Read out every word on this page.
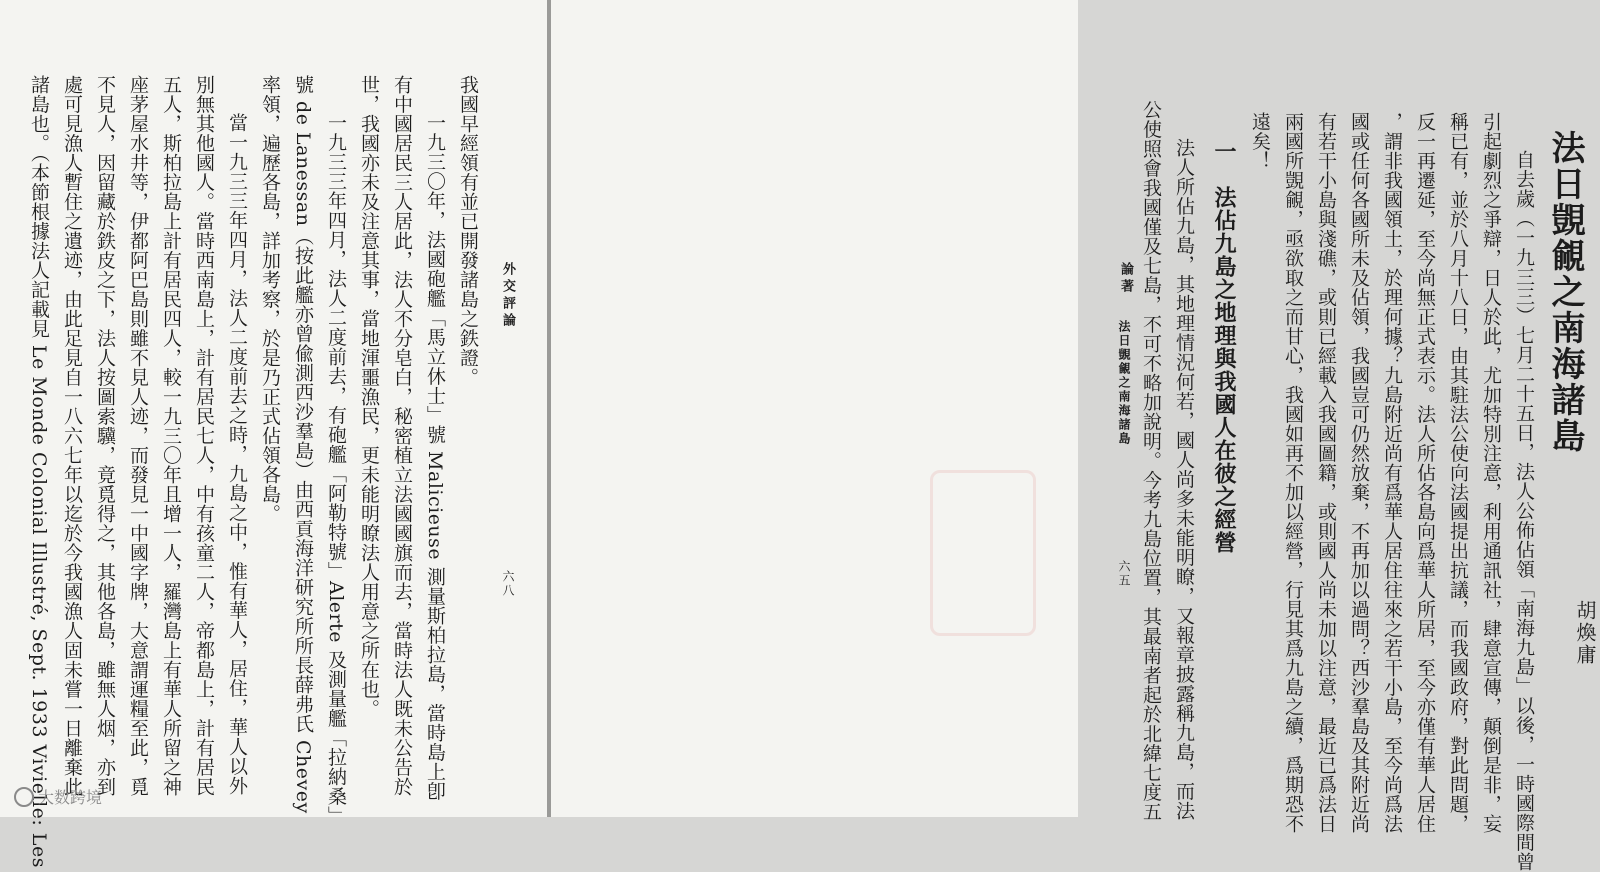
外交評論
六八
我國早經領有並已開發諸島之鉄證。
一九三〇年，法國砲艦「馬立休士」號 Malicieuse 測量斯柏拉島，當時島上卽
有中國居民三人居此，法人不分皂白，秘密植立法國國旗而去，當時法人既未公告於
世，我國亦未及注意其事，當地渾噩漁民，更未能明瞭法人用意之所在也。
一九三三年四月，法人二度前去，有砲艦「阿勒特號」Alerte 及測量艦「拉納桑」
號 de Lanessan（按此艦亦曾偸測西沙羣島）由西貢海洋研究所所長薛弗氏 Chevey
率領，遍歷各島，詳加考察，於是乃正式佔領各島。
當一九三三年四月，法人二度前去之時，九島之中，惟有華人，居住，華人以外
別無其他國人。當時西南島上，計有居民七人，中有孩童二人，帝都島上，計有居民
五人，斯柏拉島上計有居民四人，較一九三〇年且增一人，羅灣島上有華人所留之神
座茅屋水井等，伊都阿巴島則雖不見人迹，而發見一中國字牌，大意謂運糧至此，覓
不見人，因留藏於鉄皮之下，法人按圖索驥，竟覓得之，其他各島，雖無人烟，亦到
處可見漁人暫住之遺迹，由此足見自一八六七年以迄於今我國漁人固未嘗一日離棄此
諸島也。（本節根據法人記載見 Le Monde Colonial Illustré, Sept. 1933 Vivielle: Les	論著
法日覬覦之南海諸島
六五
法日覬覦之南海諸島
胡煥庸
一　法佔九島之地理與我國人在彼之經營	自去歲（一九三三）七月二十五日，法人公佈佔領「南海九島」以後，一時國際間曾
引起劇烈之爭辯，日人於此，尤加特別注意，利用通訊社，肆意宣傳，顛倒是非，妄
稱已有，並於八月十八日，由其駐法公使向法國提出抗議，而我國政府，對此問題，
反一再遷延，至今尚無正式表示。法人所佔各島向爲華人所居，至今亦僅有華人居住
，謂非我國領土，於理何據？九島附近尚有爲華人居住往來之若干小島，至今尚爲法
國或任何各國所未及佔領，我國豈可仍然放棄，不再加以過問？西沙羣島及其附近尚
有若干小島與淺礁，或則已經載入我國圖籍，或則國人尚未加以注意，最近已爲法日
兩國所覬覦，亟欲取之而甘心，我國如再不加以經營，行見其爲九島之續，爲期恐不
遠矣！
法人所佔九島，其地理情況何若，國人尚多未能明瞭，又報章披露稱九島，而法
公使照會我國僅及七島，不可不略加說明。今考九島位置，其最南者起於北緯七度五
大数跨境
